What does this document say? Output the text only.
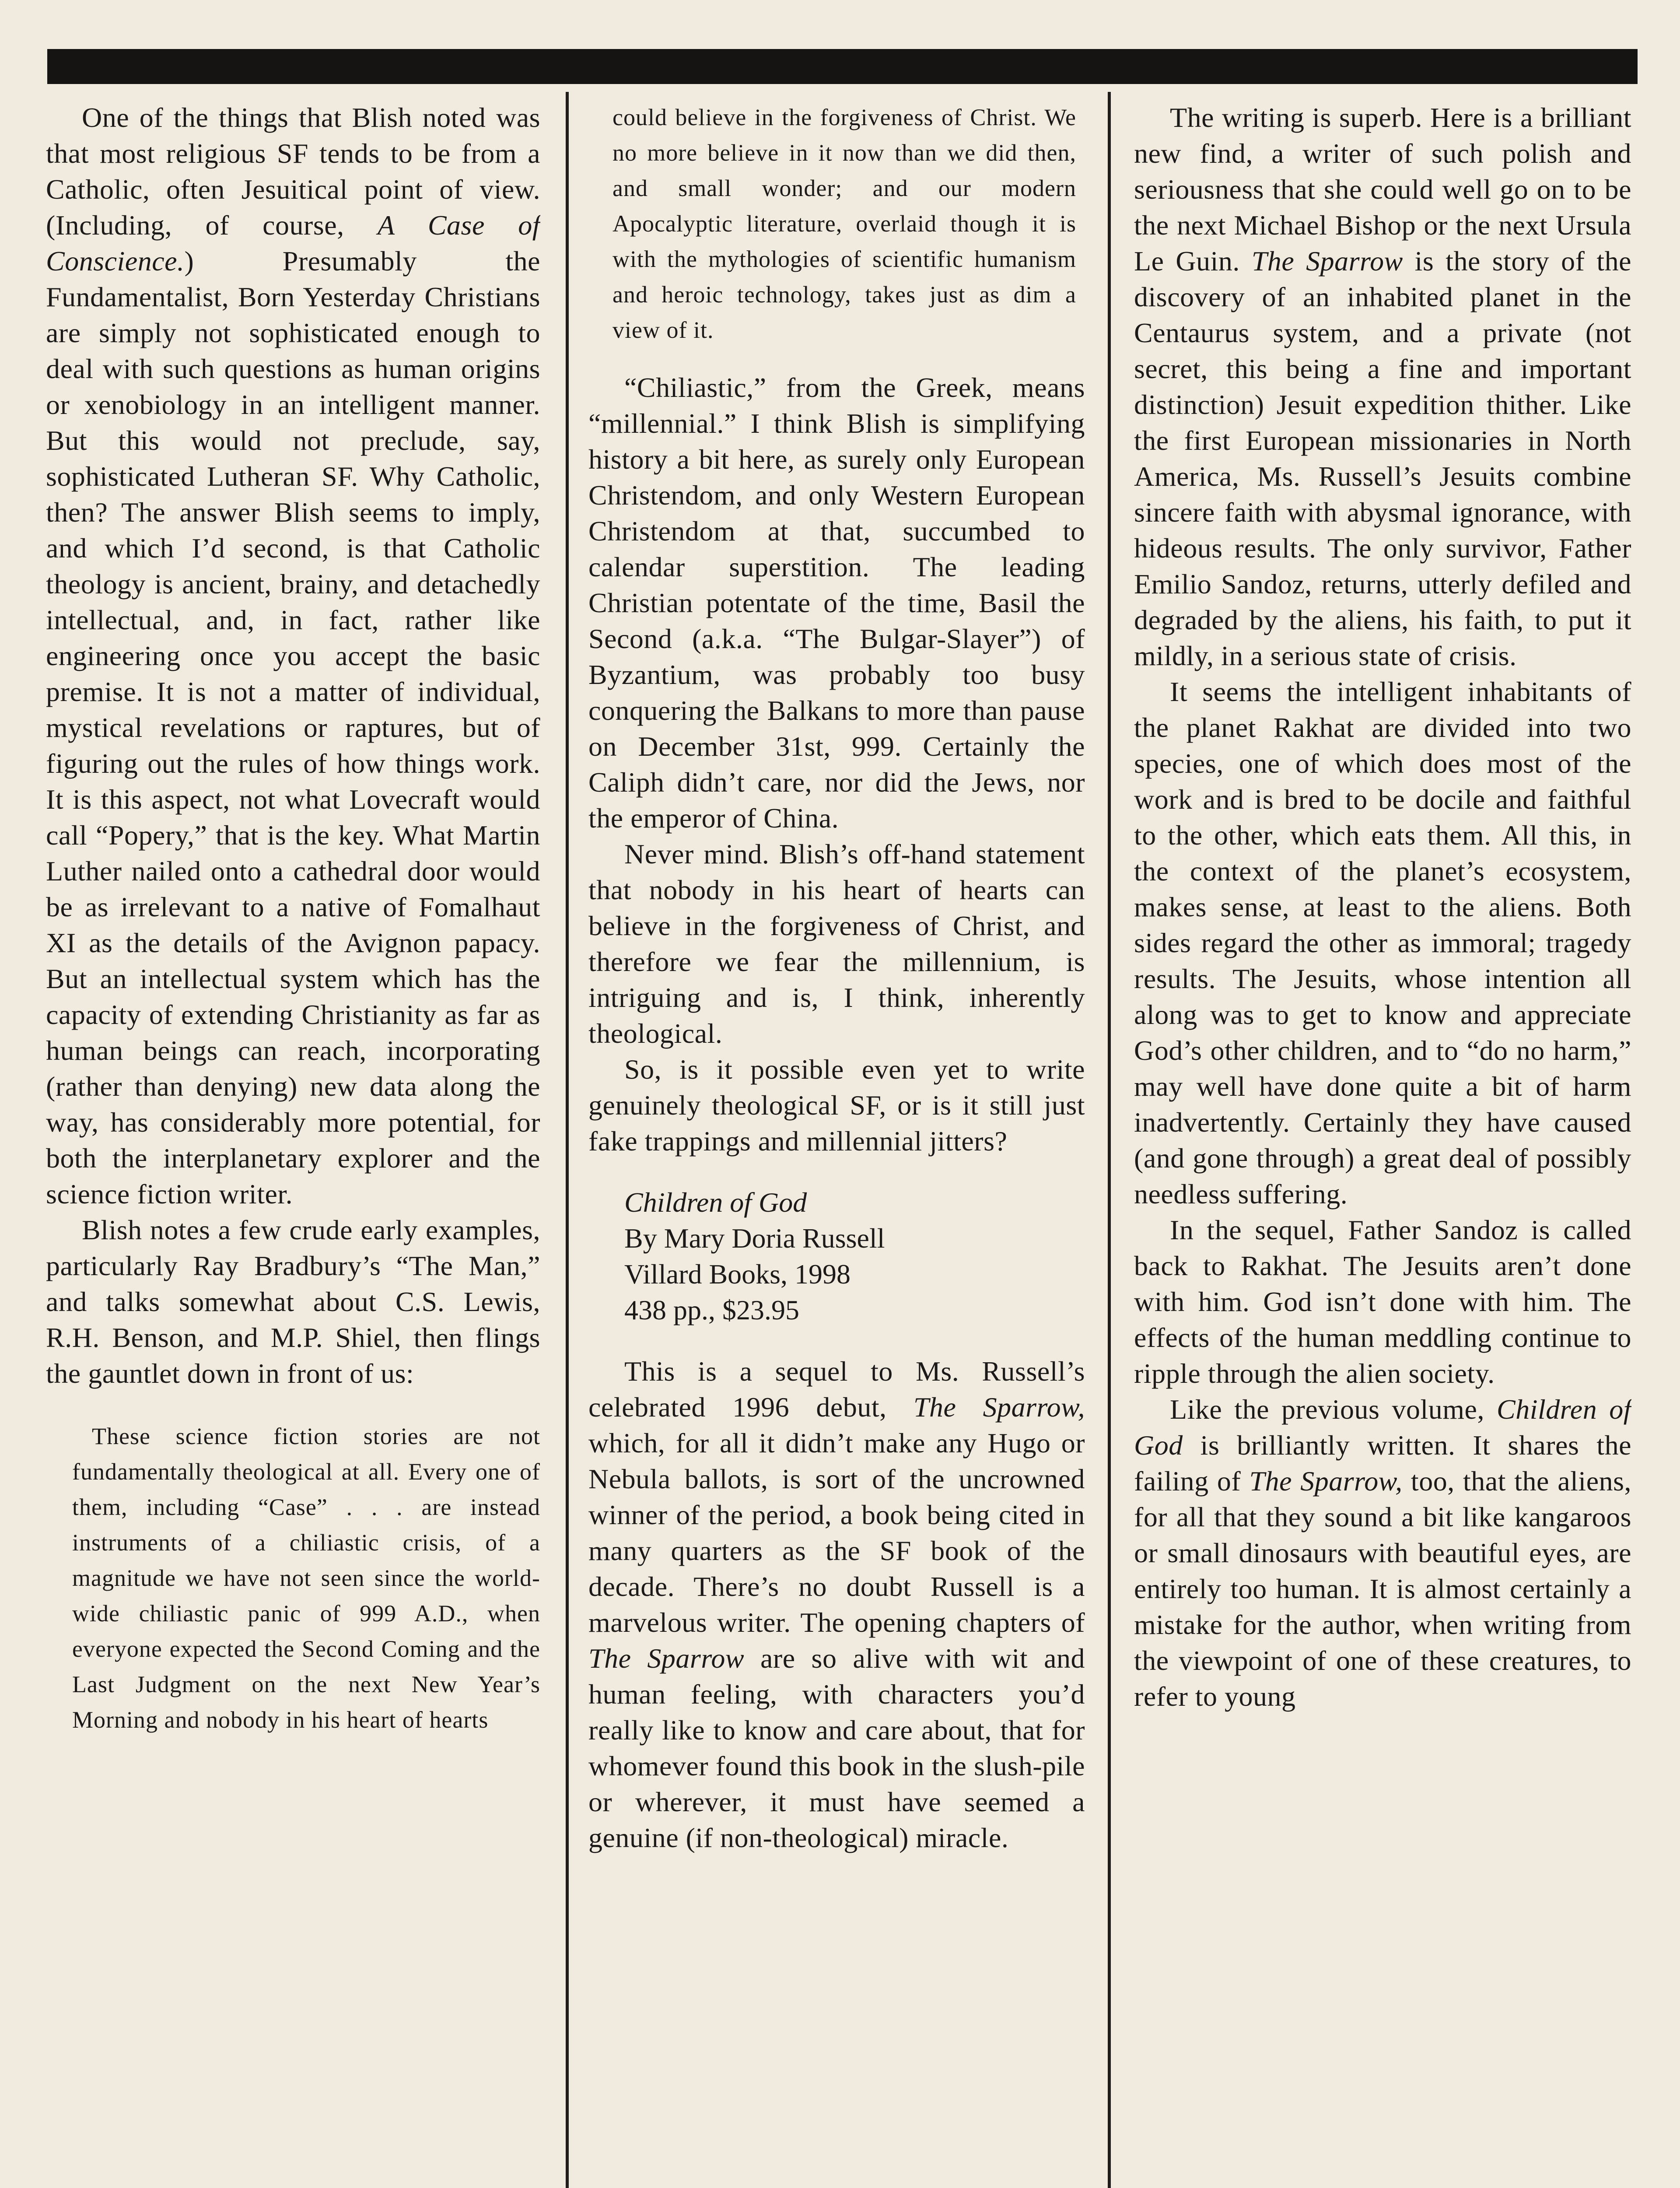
One of the things that Blish noted was that most religious SF tends to be from a Catholic, often Jesuitical point of view. (Including, of course, A Case of Conscience.) Presumably the Fundamentalist, Born Yesterday Christians are simply not sophisticated enough to deal with such questions as human origins or xenobiology in an intelligent manner. But this would not preclude, say, sophisticated Lutheran SF. Why Catholic, then? The answer Blish seems to imply, and which I’d second, is that Catholic theology is ancient, brainy, and detachedly intellectual, and, in fact, rather like engineering once you accept the basic premise. It is not a matter of individual, mystical revelations or raptures, but of figuring out the rules of how things work. It is this aspect, not what Lovecraft would call “Popery,” that is the key. What Martin Luther nailed onto a cathedral door would be as irrelevant to a native of Fomalhaut XI as the details of the Avignon papacy. But an intellectual system which has the capacity of extending Christianity as far as human beings can reach, incorporating (rather than denying) new data along the way, has considerably more potential, for both the interplanetary explorer and the science fiction writer.

Blish notes a few crude early examples, particularly Ray Bradbury’s “The Man,” and talks somewhat about C.S. Lewis, R.H. Benson, and M.P. Shiel, then flings the gauntlet down in front of us:

These science fiction stories are not fundamentally theological at all. Every one of them, including “Case” . . . are instead instruments of a chiliastic crisis, of a magnitude we have not seen since the world-wide chiliastic panic of 999 A.D., when everyone expected the Second Coming and the Last Judgment on the next New Year’s Morning and nobody in his heart of hearts
could believe in the forgiveness of Christ. We no more believe in it now than we did then, and small wonder; and our modern Apocalyptic literature, overlaid though it is with the mythologies of scientific humanism and heroic technology, takes just as dim a view of it.

“Chiliastic,” from the Greek, means “millennial.” I think Blish is simplifying history a bit here, as surely only European Christendom, and only Western European Christendom at that, succumbed to calendar superstition. The leading Christian potentate of the time, Basil the Second (a.k.a. “The Bulgar-Slayer”) of Byzantium, was probably too busy conquering the Balkans to more than pause on December 31st, 999. Certainly the Caliph didn’t care, nor did the Jews, nor the emperor of China.

Never mind. Blish’s off-hand statement that nobody in his heart of hearts can believe in the forgiveness of Christ, and therefore we fear the millennium, is intriguing and is, I think, inherently theological.

So, is it possible even yet to write genuinely theological SF, or is it still just fake trappings and millennial jitters?

Children of God
By Mary Doria Russell
Villard Books, 1998
438 pp., $23.95

This is a sequel to Ms. Russell’s celebrated 1996 debut, The Sparrow, which, for all it didn’t make any Hugo or Nebula ballots, is sort of the uncrowned winner of the period, a book being cited in many quarters as the SF book of the decade. There’s no doubt Russell is a marvelous writer. The opening chapters of The Sparrow are so alive with wit and human feeling, with characters you’d really like to know and care about, that for whomever found this book in the slush-pile or wherever, it must have seemed a genuine (if non-theological) miracle.

The writing is superb. Here is a brilliant new find, a writer of such polish and seriousness that she could well go on to be the next Michael Bishop or the next Ursula Le Guin. The Sparrow is the story of the discovery of an inhabited planet in the Centaurus system, and a private (not secret, this being a fine and important distinction) Jesuit expedition thither. Like the first European missionaries in North America, Ms. Russell’s Jesuits combine sincere faith with abysmal ignorance, with hideous results. The only survivor, Father Emilio Sandoz, returns, utterly defiled and degraded by the aliens, his faith, to put it mildly, in a serious state of crisis.

It seems the intelligent inhabitants of the planet Rakhat are divided into two species, one of which does most of the work and is bred to be docile and faithful to the other, which eats them. All this, in the context of the planet’s ecosystem, makes sense, at least to the aliens. Both sides regard the other as immoral; tragedy results. The Jesuits, whose intention all along was to get to know and appreciate God’s other children, and to “do no harm,” may well have done quite a bit of harm inadvertently. Certainly they have caused (and gone through) a great deal of possibly needless suffering.

In the sequel, Father Sandoz is called back to Rakhat. The Jesuits aren’t done with him. God isn’t done with him. The effects of the human meddling continue to ripple through the alien society.

Like the previous volume, Children of God is brilliantly written. It shares the failing of The Sparrow, too, that the aliens, for all that they sound a bit like kangaroos or small dinosaurs with beautiful eyes, are entirely too human. It is almost certainly a mistake for the author, when writing from the viewpoint of one of these creatures, to refer to young
